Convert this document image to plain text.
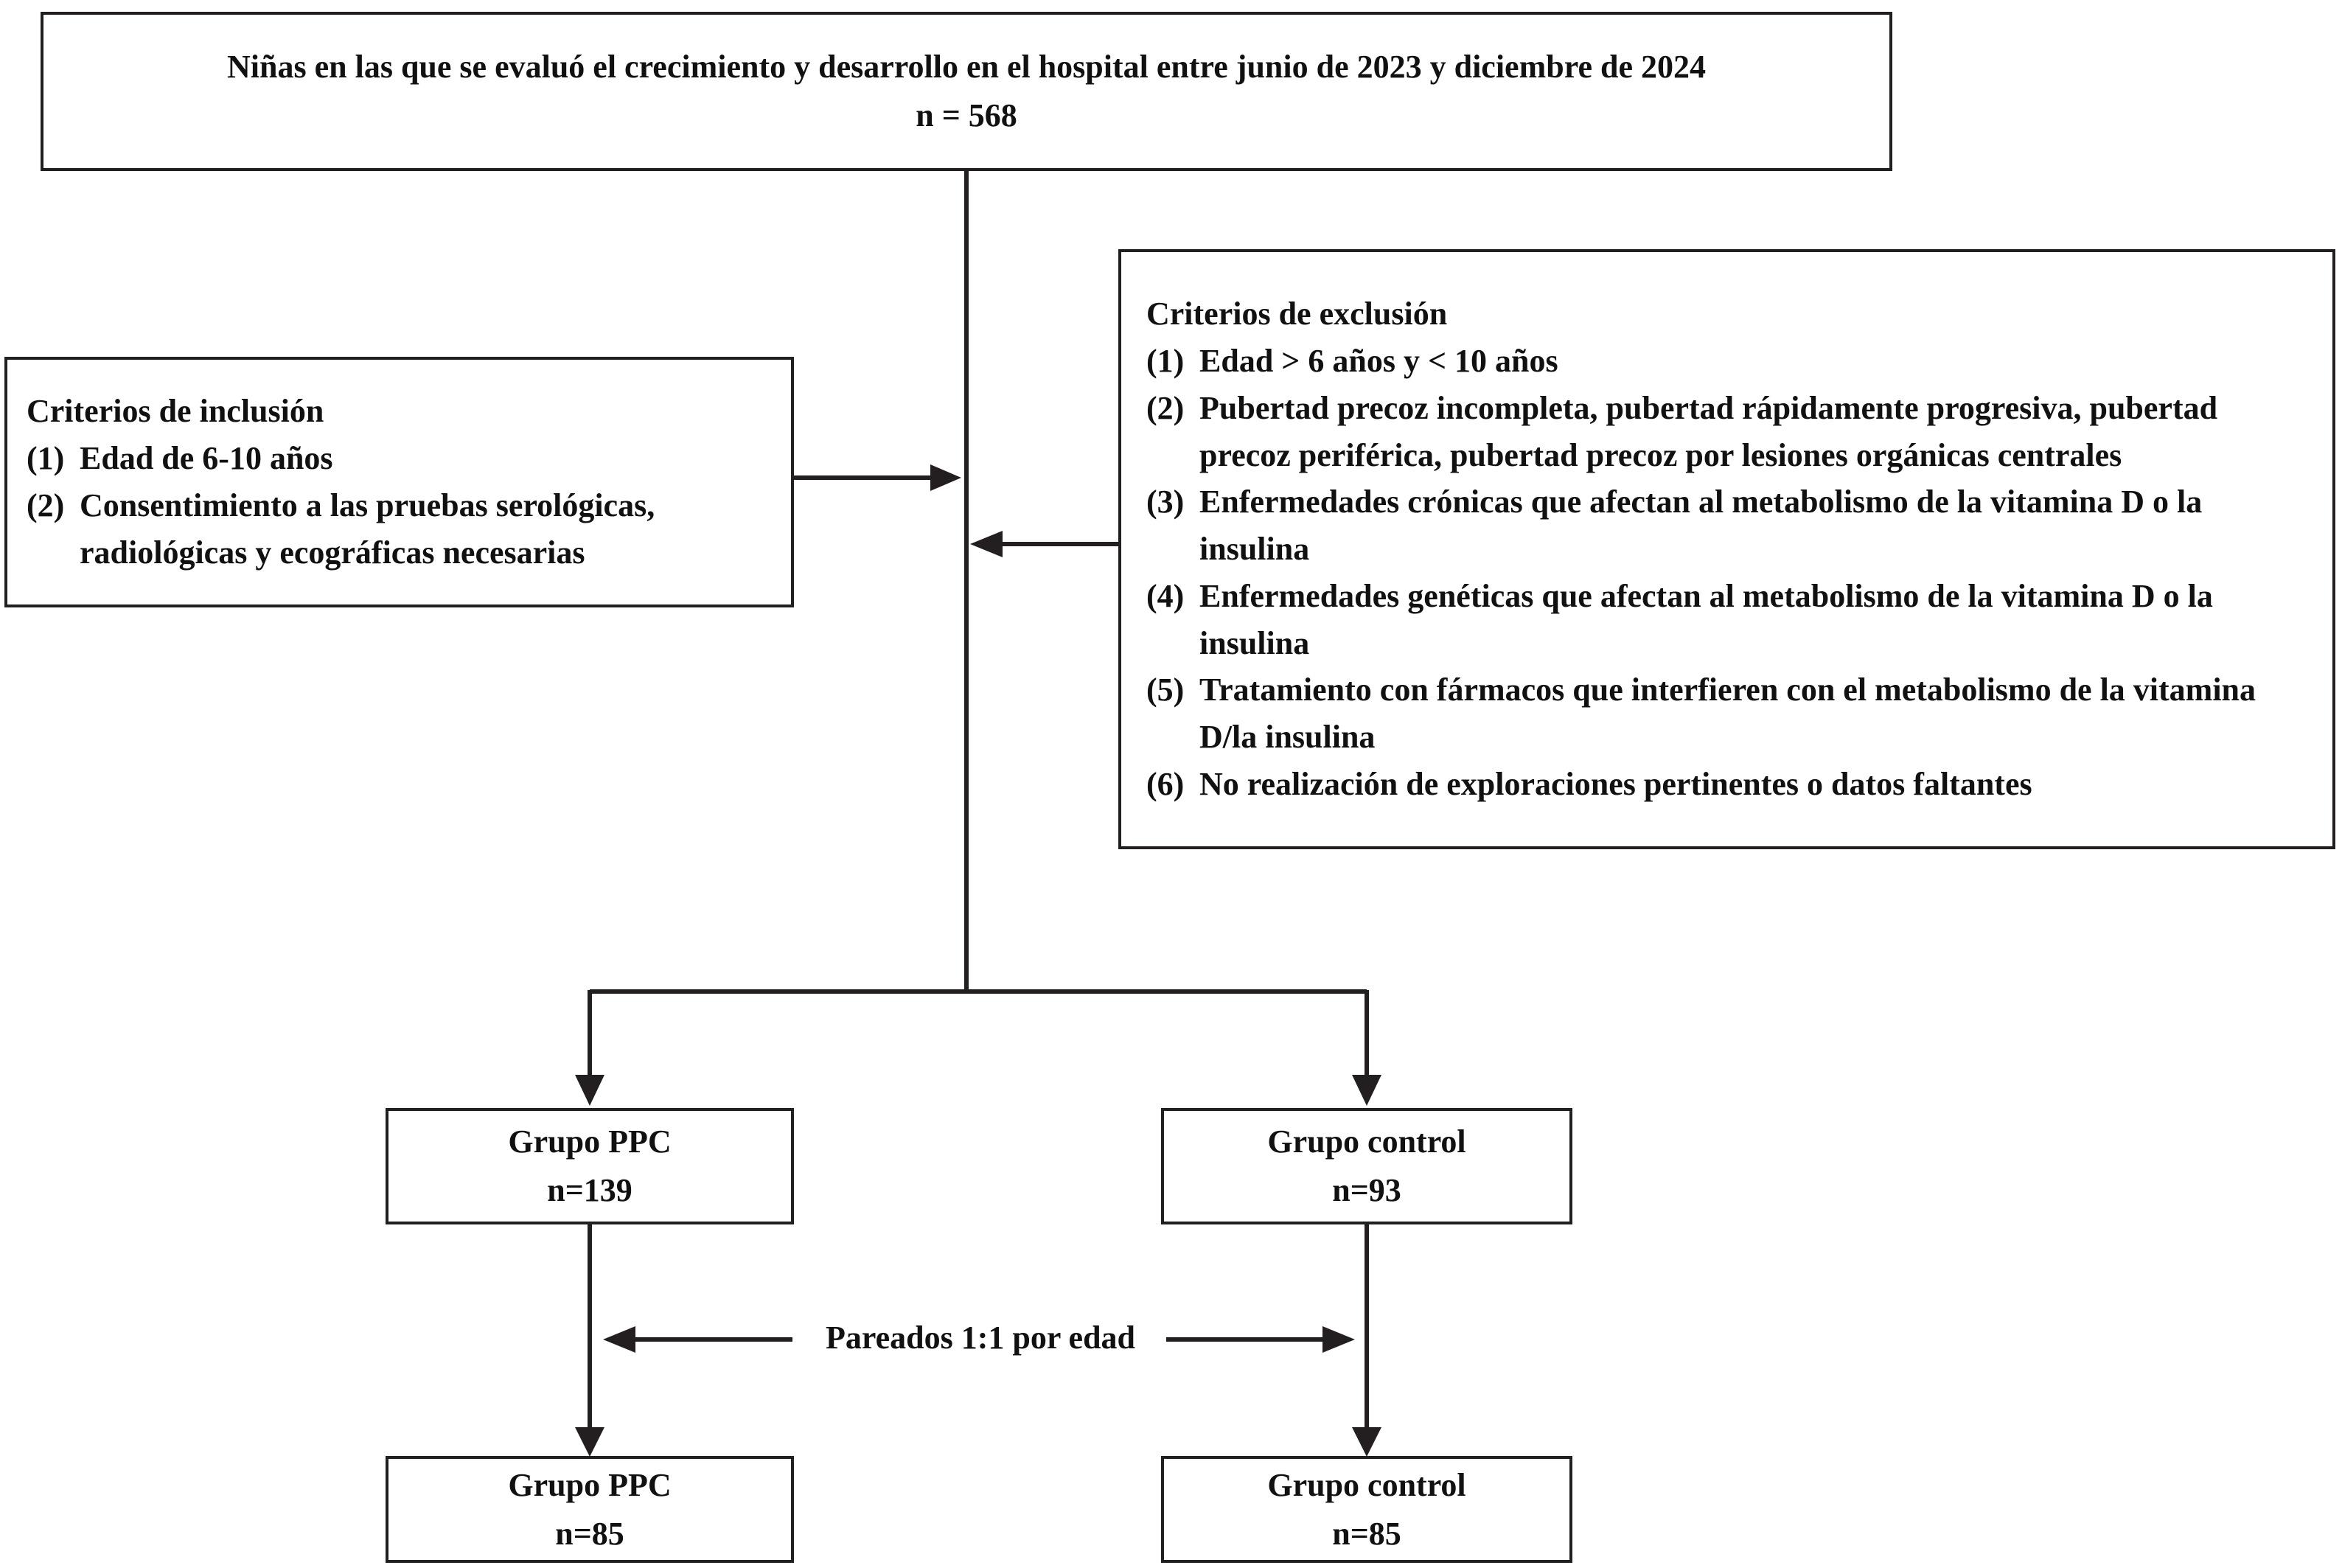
Niñas en las que se evaluó el crecimiento y desarrollo en el hospital entre junio de 2023 y diciembre de 2024
n = 568
Criterios de inclusión
(1) Edad de 6-10 años
(2) Consentimiento a las pruebas serológicas, radiológicas y ecográficas necesarias
Criterios de exclusión
(1) Edad > 6 años y < 10 años
(2) Pubertad precoz incompleta, pubertad rápidamente progresiva, pubertad precoz periférica, pubertad precoz por lesiones orgánicas centrales
(3) Enfermedades crónicas que afectan al metabolismo de la vitamina D o la insulina
(4) Enfermedades genéticas que afectan al metabolismo de la vitamina D o la insulina
(5) Tratamiento con fármacos que interfieren con el metabolismo de la vitamina D/la insulina
(6) No realización de exploraciones pertinentes o datos faltantes
Grupo PPC
n=139
Grupo control
n=93
Pareados 1:1 por edad
Grupo PPC
n=85
Grupo control
n=85
